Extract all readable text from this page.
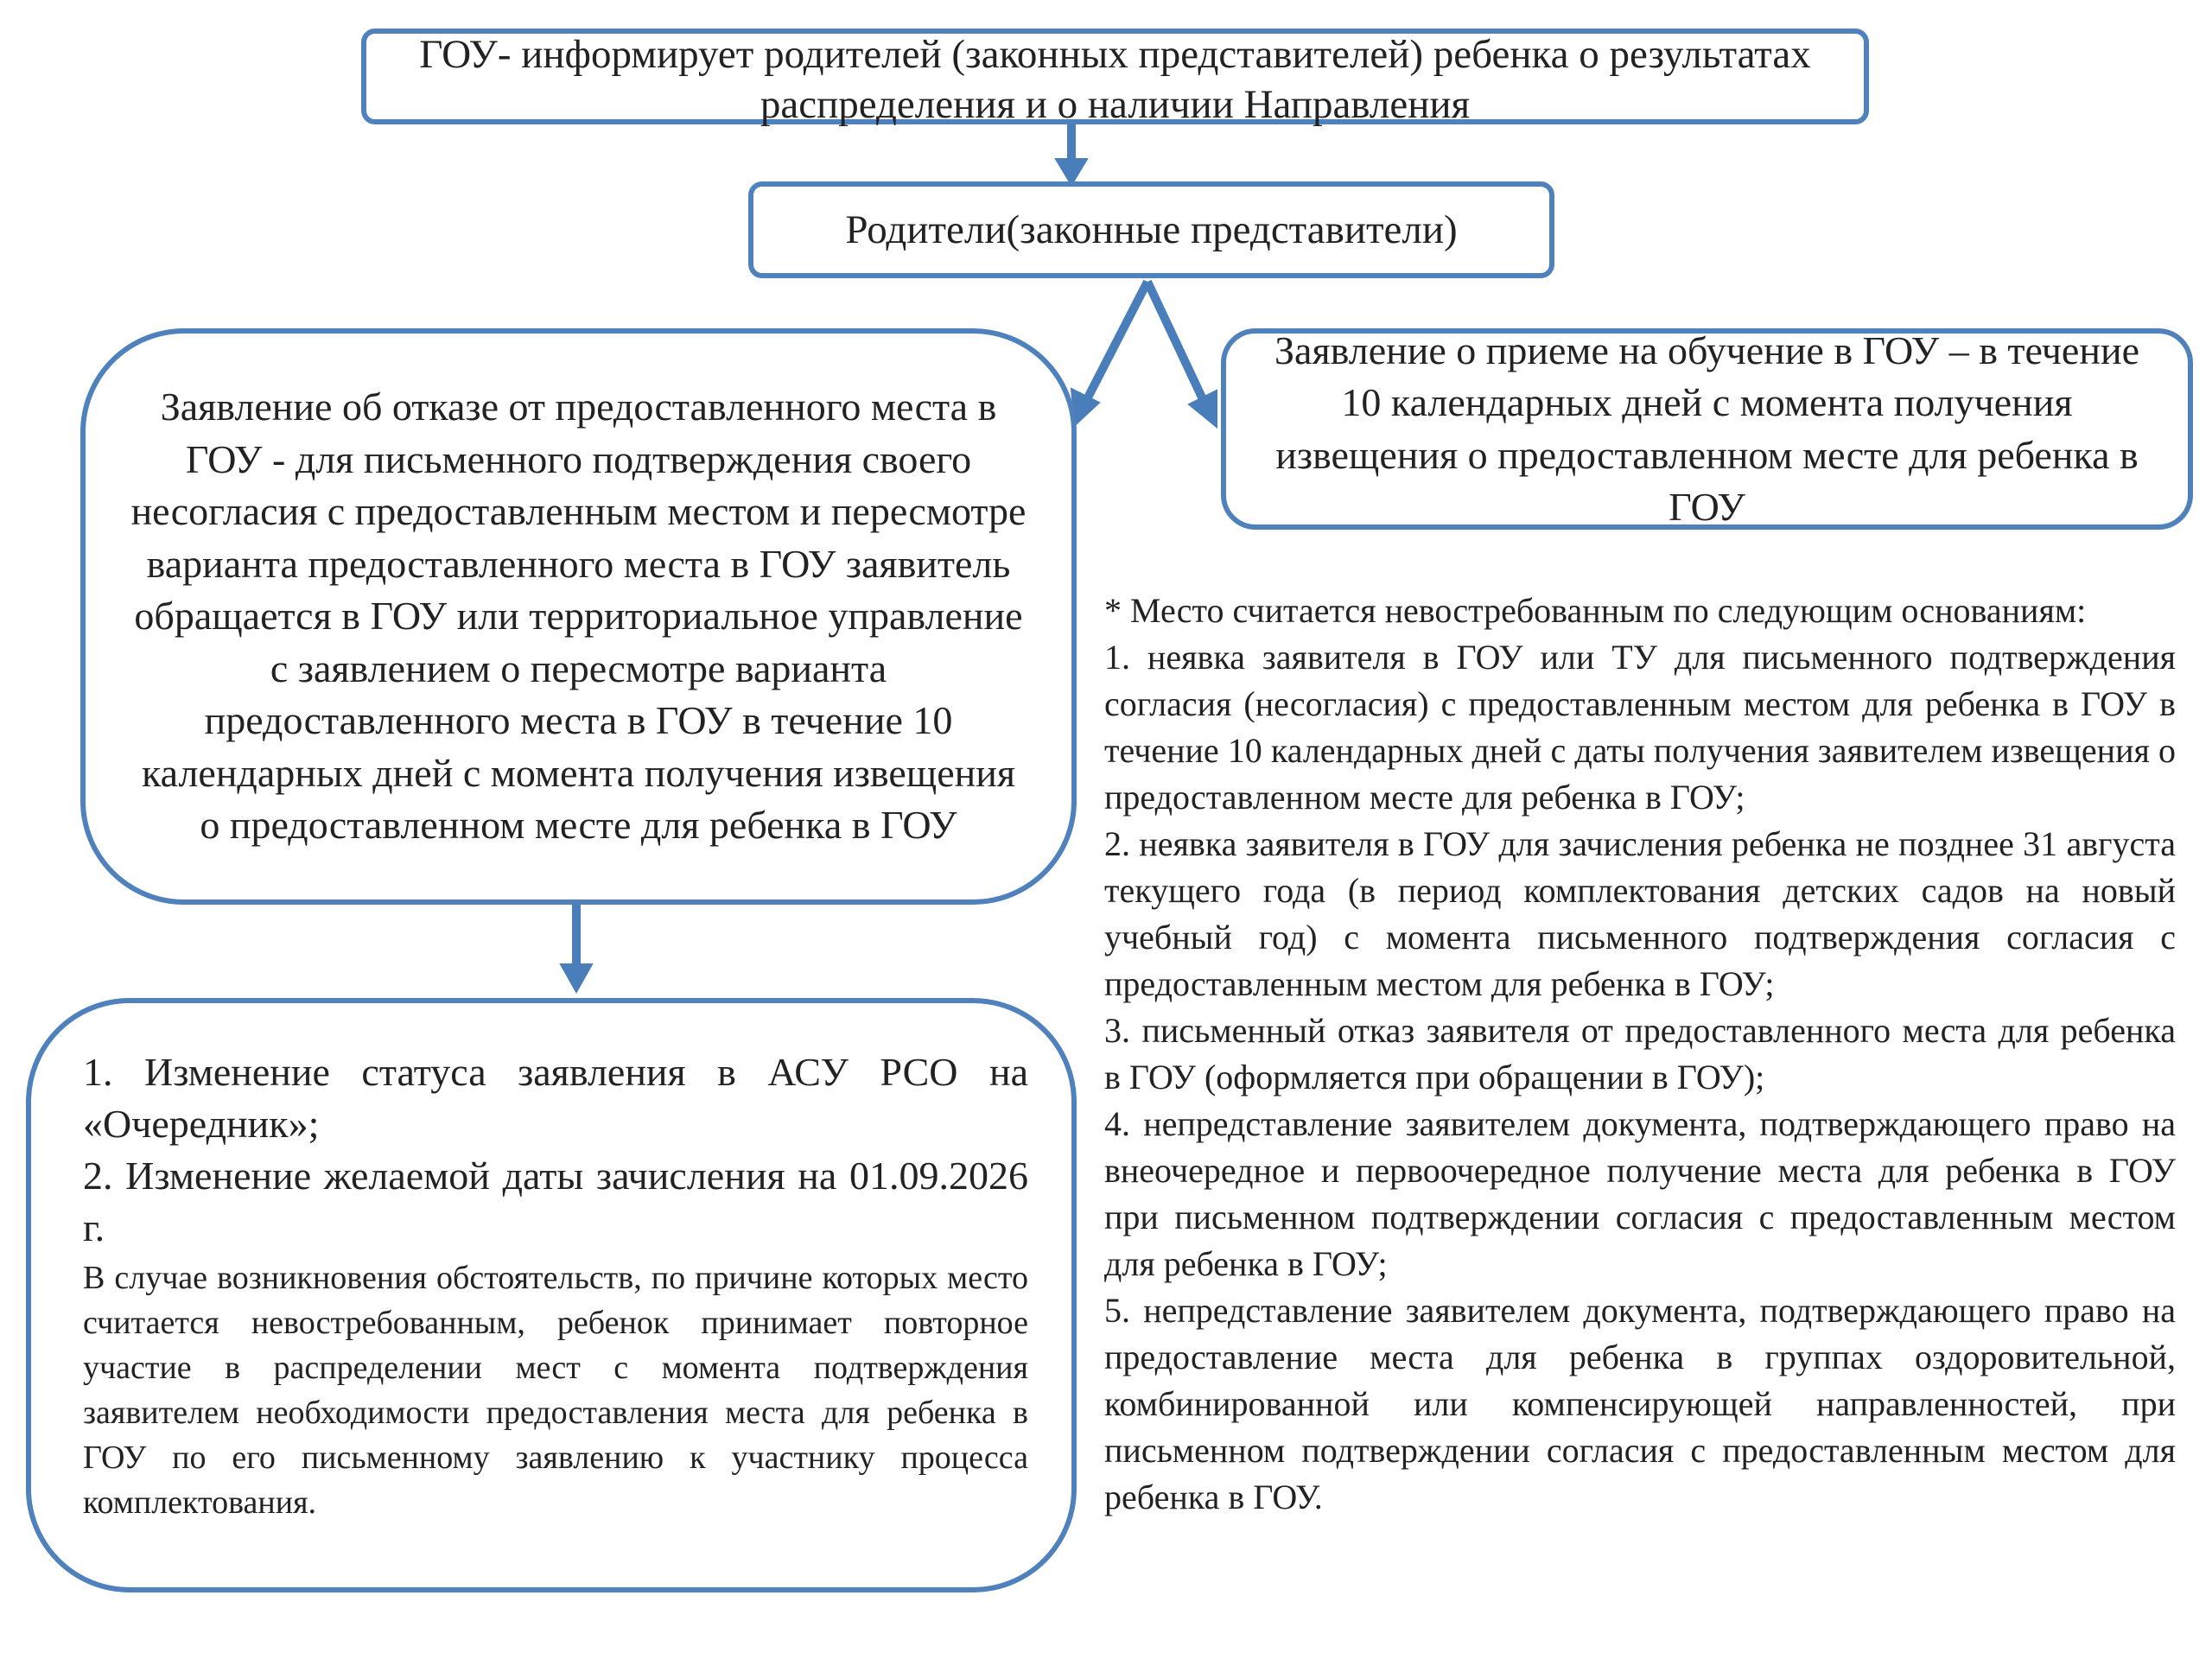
ГОУ- информирует родителей (законных представителей) ребенка о результатах распределения и о наличии Направления
Родители(законные представители)
Заявление об отказе от предоставленного места в ГОУ - для письменного подтверждения своего несогласия с предоставленным местом и пересмотре варианта предоставленного места в ГОУ заявитель обращается в ГОУ или территориальное управление с заявлением о пересмотре варианта предоставленного места в ГОУ в течение 10 календарных дней с момента получения извещения о предоставленном месте для ребенка в ГОУ
Заявление о приеме на обучение в ГОУ – в течение 10 календарных дней с момента получения извещения о предоставленном месте для ребенка в ГОУ
1. Изменение статуса заявления в АСУ РСО на «Очередник»;
2. Изменение желаемой даты зачисления на 01.09.2026 г.
В случае возникновения обстоятельств, по причине которых место считается невостребованным, ребенок принимает повторное участие в распределении мест с момента подтверждения заявителем необходимости предоставления места для ребенка в ГОУ по его письменному заявлению к участнику процесса комплектования.
* Место считается невостребованным по следующим основаниям:
1. неявка заявителя в ГОУ или ТУ для письменного подтверждения согласия (несогласия) с предоставленным местом для ребенка в ГОУ в течение 10 календарных дней с даты получения заявителем извещения о предоставленном месте для ребенка в ГОУ;
2. неявка заявителя в ГОУ для зачисления ребенка не позднее 31 августа текущего года (в период комплектования детских садов на новый учебный год) с момента письменного подтверждения согласия с предоставленным местом для ребенка в ГОУ;
3. письменный отказ заявителя от предоставленного места для ребенка в ГОУ (оформляется при обращении в ГОУ);
4. непредставление заявителем документа, подтверждающего право на внеочередное и первоочередное получение места для ребенка в ГОУ при письменном подтверждении согласия с предоставленным местом для ребенка в ГОУ;
5. непредставление заявителем документа, подтверждающего право на предоставление места для ребенка в группах оздоровительной, комбинированной или компенсирующей направленностей, при письменном подтверждении согласия с предоставленным местом для ребенка в ГОУ.
